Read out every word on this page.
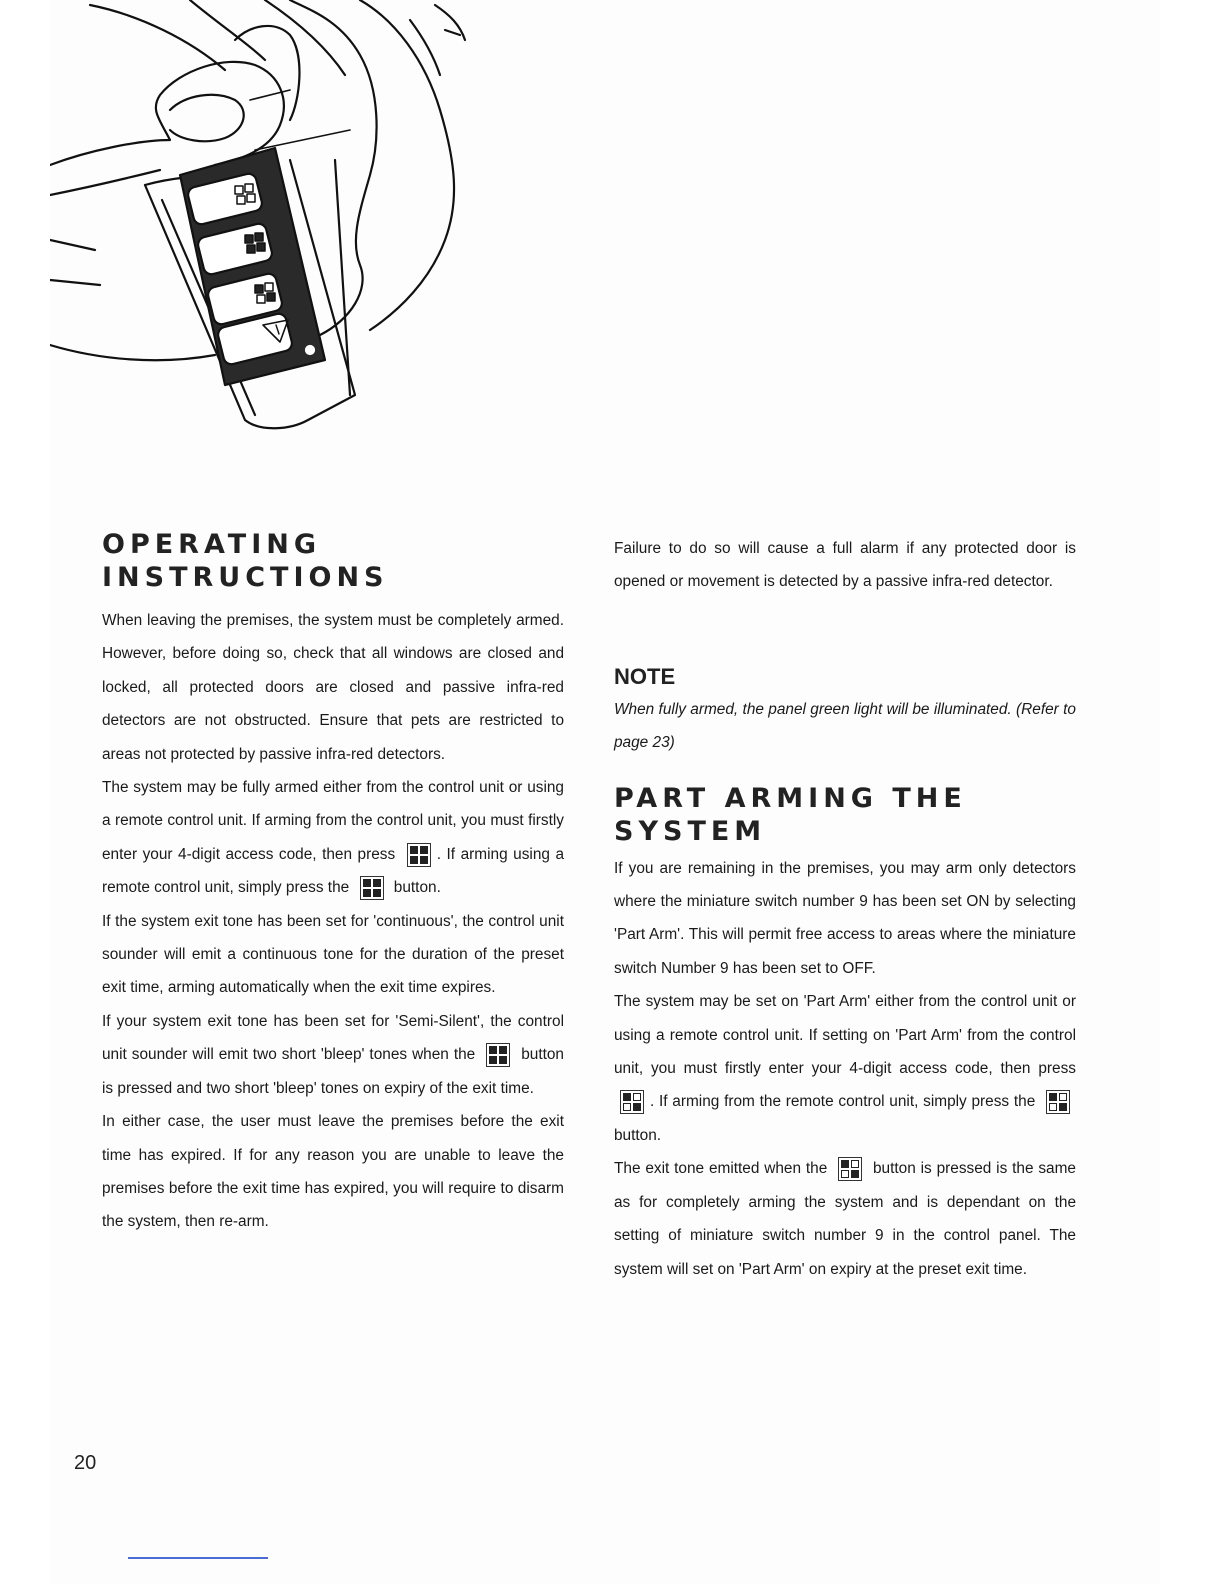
OPERATING
INSTRUCTIONS

When leaving the premises, the system must be completely armed. However, before doing so, check that all windows are closed and locked, all protected doors are closed and passive infra-red detectors are not obstructed. Ensure that pets are restricted to areas not protected by passive infra-red detectors.

The system may be fully armed either from the control unit or using a remote control unit. If arming from the control unit, you must firstly enter your 4-digit access code, then press	. If arming using a remote control unit, simply press the	button.

If the system exit tone has been set for 'continuous', the control unit sounder will emit a continuous tone for the duration of the preset exit time, arming automatically when the exit time expires.

If your system exit tone has been set for 'Semi-Silent', the control unit sounder will emit two short 'bleep' tones when the	button is pressed and two short 'bleep' tones on expiry of the exit time.

In either case, the user must leave the premises before the exit time has expired. If for any reason you are unable to leave the premises before the exit time has expired, you will require to disarm the system, then re-arm.

Failure to do so will cause a full alarm if any protected door is opened or movement is detected by a passive infra-red detector.

NOTE

When fully armed, the panel green light will be illuminated. (Refer to page 23)

PART ARMING THE
SYSTEM

If you are remaining in the premises, you may arm only detectors where the miniature switch number 9 has been set ON by selecting 'Part Arm'. This will permit free access to areas where the miniature switch Number 9 has been set to OFF.

The system may be set on 'Part Arm' either from the control unit or using a remote control unit. If setting on 'Part Arm' from the control unit, you must firstly enter your 4-digit access code, then press
. If arming from the remote control unit, simply press the
button.

The exit tone emitted when the	button is pressed is the same as for completely arming the system and is dependant on the setting of miniature switch number 9 in the control panel. The system will set on 'Part Arm' on expiry at the preset exit time.

20
